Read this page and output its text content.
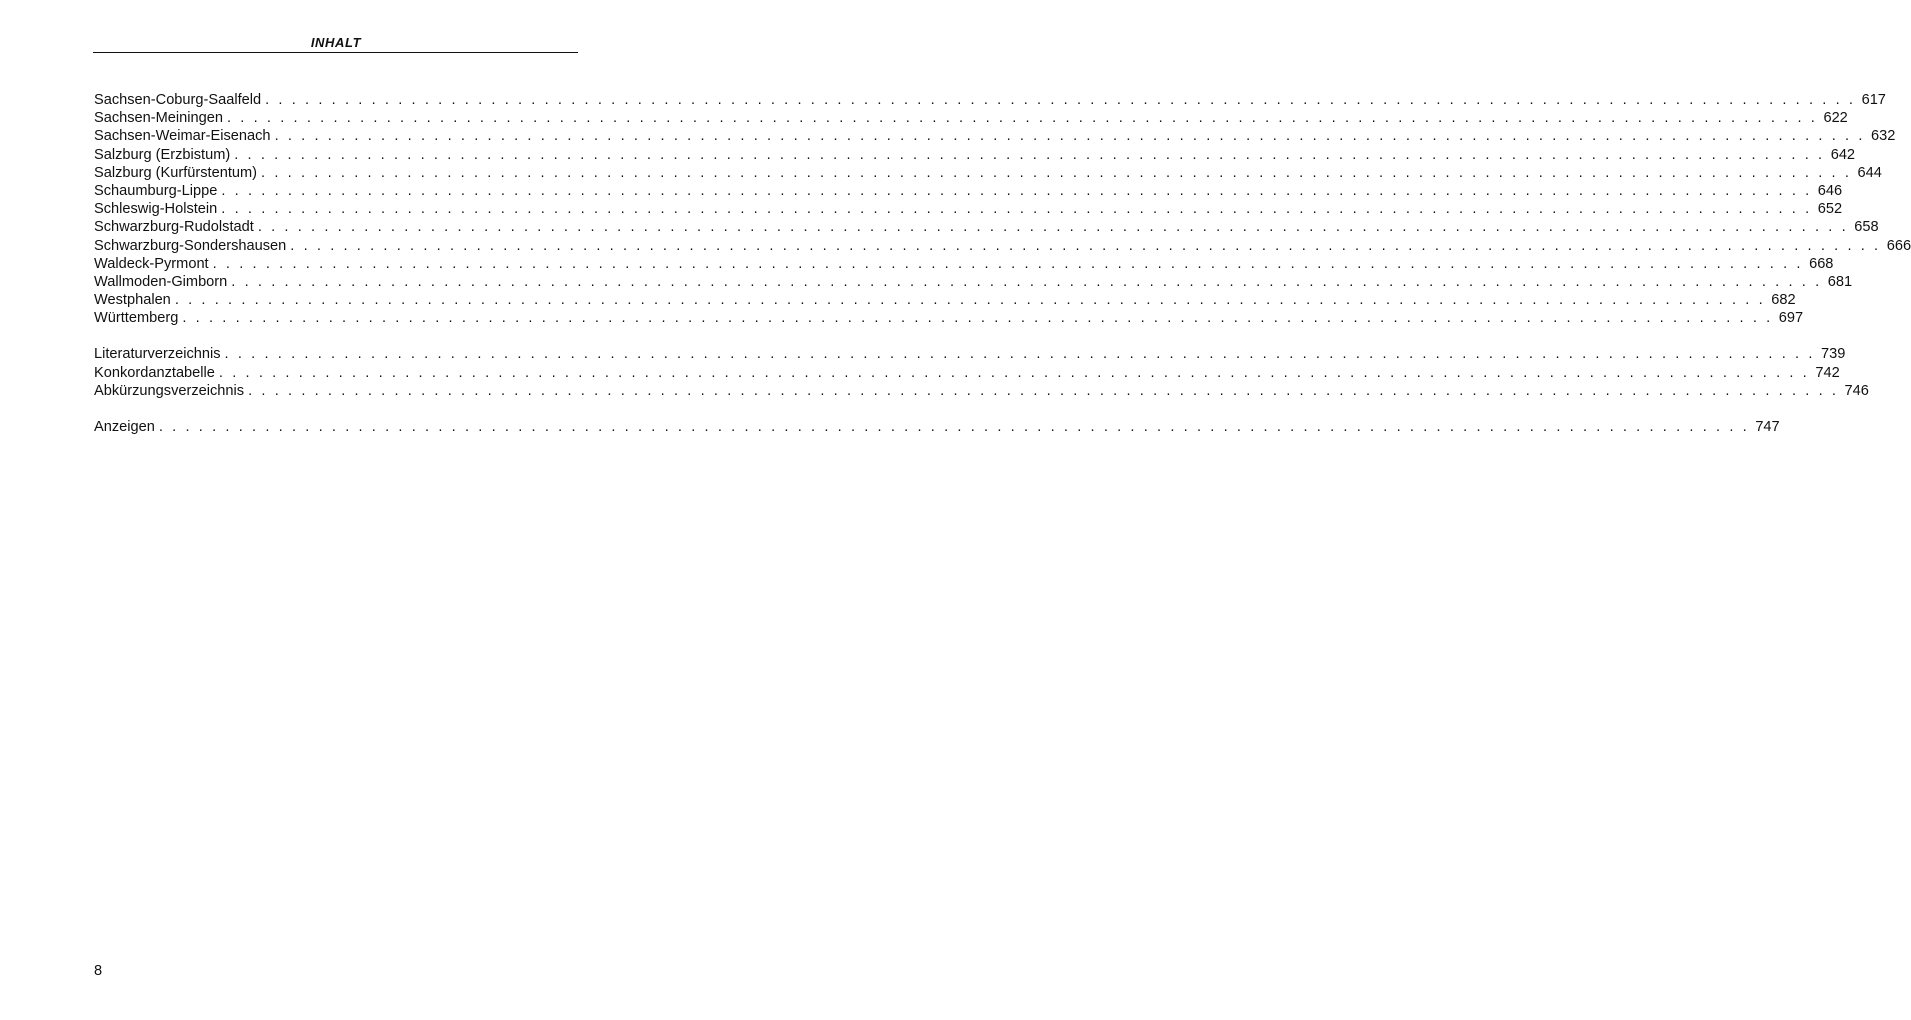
INHALT
Sachsen-Coburg-Saalfeld . . . . . . . . . . . . . . . . . . . . . . . . . . . . . . . . . . . . . . . . . . . . . . . . . . . . . . . . . . . . . . . . . . . . . . . . . . . . . . . . . . . . . . . . . . . . . . . . . . . . . . . . . . . . . . . . . . . . . . . . 617
Sachsen-Meiningen . . . . . . . . . . . . . . . . . . . . . . . . . . . . . . . . . . . . . . . . . . . . . . . . . . . . . . . . . . . . . . . . . . . . . . . . . . . . . . . . . . . . . . . . . . . . . . . . . . . . . . . . . . . . . . . . . . . . . . . . 622
Sachsen-Weimar-Eisenach . . . . . . . . . . . . . . . . . . . . . . . . . . . . . . . . . . . . . . . . . . . . . . . . . . . . . . . . . . . . . . . . . . . . . . . . . . . . . . . . . . . . . . . . . . . . . . . . . . . . . . . . . . . . . . . . . . . . . . . . 632
Salzburg (Erzbistum) . . . . . . . . . . . . . . . . . . . . . . . . . . . . . . . . . . . . . . . . . . . . . . . . . . . . . . . . . . . . . . . . . . . . . . . . . . . . . . . . . . . . . . . . . . . . . . . . . . . . . . . . . . . . . . . . . . . . . . . . 642
Salzburg (Kurfürstentum) . . . . . . . . . . . . . . . . . . . . . . . . . . . . . . . . . . . . . . . . . . . . . . . . . . . . . . . . . . . . . . . . . . . . . . . . . . . . . . . . . . . . . . . . . . . . . . . . . . . . . . . . . . . . . . . . . . . . . . . . 644
Schaumburg-Lippe . . . . . . . . . . . . . . . . . . . . . . . . . . . . . . . . . . . . . . . . . . . . . . . . . . . . . . . . . . . . . . . . . . . . . . . . . . . . . . . . . . . . . . . . . . . . . . . . . . . . . . . . . . . . . . . . . . . . . . . . 646
Schleswig-Holstein . . . . . . . . . . . . . . . . . . . . . . . . . . . . . . . . . . . . . . . . . . . . . . . . . . . . . . . . . . . . . . . . . . . . . . . . . . . . . . . . . . . . . . . . . . . . . . . . . . . . . . . . . . . . . . . . . . . . . . . . 652
Schwarzburg-Rudolstadt . . . . . . . . . . . . . . . . . . . . . . . . . . . . . . . . . . . . . . . . . . . . . . . . . . . . . . . . . . . . . . . . . . . . . . . . . . . . . . . . . . . . . . . . . . . . . . . . . . . . . . . . . . . . . . . . . . . . . . . . 658
Schwarzburg-Sondershausen . . . . . . . . . . . . . . . . . . . . . . . . . . . . . . . . . . . . . . . . . . . . . . . . . . . . . . . . . . . . . . . . . . . . . . . . . . . . . . . . . . . . . . . . . . . . . . . . . . . . . . . . . . . . . . . . . . . . . . . . 666
Waldeck-Pyrmont . . . . . . . . . . . . . . . . . . . . . . . . . . . . . . . . . . . . . . . . . . . . . . . . . . . . . . . . . . . . . . . . . . . . . . . . . . . . . . . . . . . . . . . . . . . . . . . . . . . . . . . . . . . . . . . . . . . . . . . . 668
Wallmoden-Gimborn . . . . . . . . . . . . . . . . . . . . . . . . . . . . . . . . . . . . . . . . . . . . . . . . . . . . . . . . . . . . . . . . . . . . . . . . . . . . . . . . . . . . . . . . . . . . . . . . . . . . . . . . . . . . . . . . . . . . . . . . 681
Westphalen . . . . . . . . . . . . . . . . . . . . . . . . . . . . . . . . . . . . . . . . . . . . . . . . . . . . . . . . . . . . . . . . . . . . . . . . . . . . . . . . . . . . . . . . . . . . . . . . . . . . . . . . . . . . . . . . . . . . . . . . 682
Württemberg . . . . . . . . . . . . . . . . . . . . . . . . . . . . . . . . . . . . . . . . . . . . . . . . . . . . . . . . . . . . . . . . . . . . . . . . . . . . . . . . . . . . . . . . . . . . . . . . . . . . . . . . . . . . . . . . . . . . . . . . 697
Literaturverzeichnis . . . . . . . . . . . . . . . . . . . . . . . . . . . . . . . . . . . . . . . . . . . . . . . . . . . . . . . . . . . . . . . . . . . . . . . . . . . . . . . . . . . . . . . . . . . . . . . . . . . . . . . . . . . . . . . . . . . . . . . . 739
Konkordanztabelle . . . . . . . . . . . . . . . . . . . . . . . . . . . . . . . . . . . . . . . . . . . . . . . . . . . . . . . . . . . . . . . . . . . . . . . . . . . . . . . . . . . . . . . . . . . . . . . . . . . . . . . . . . . . . . . . . . . . . . . . 742
Abkürzungsverzeichnis . . . . . . . . . . . . . . . . . . . . . . . . . . . . . . . . . . . . . . . . . . . . . . . . . . . . . . . . . . . . . . . . . . . . . . . . . . . . . . . . . . . . . . . . . . . . . . . . . . . . . . . . . . . . . . . . . . . . . . . . 746
Anzeigen . . . . . . . . . . . . . . . . . . . . . . . . . . . . . . . . . . . . . . . . . . . . . . . . . . . . . . . . . . . . . . . . . . . . . . . . . . . . . . . . . . . . . . . . . . . . . . . . . . . . . . . . . . . . . . . . . . . . . . . . 747
8
